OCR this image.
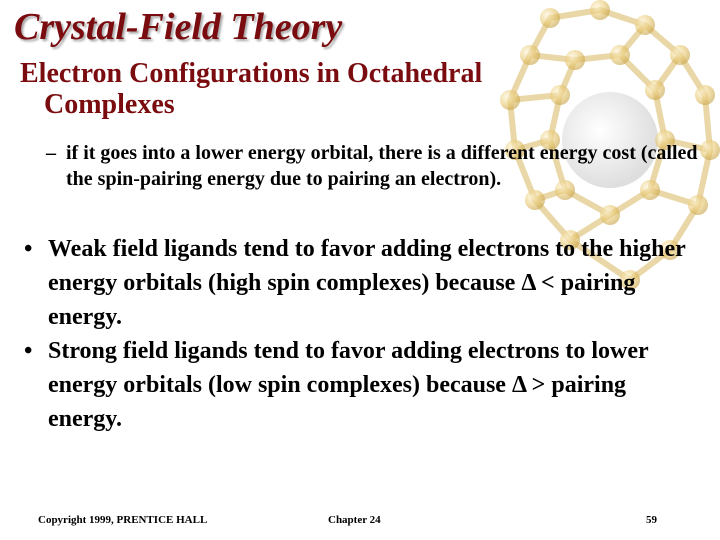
Crystal-Field Theory
Electron Configurations in Octahedral Complexes
– if it goes into a lower energy orbital, there is a different energy cost (called the spin-pairing energy due to pairing an electron).
• Weak field ligands tend to favor adding electrons to the higher energy orbitals (high spin complexes) because Δ < pairing energy.
• Strong field ligands tend to favor adding electrons to lower energy orbitals (low spin complexes) because Δ > pairing energy.
Copyright 1999, PRENTICE HALL	Chapter 24	59
